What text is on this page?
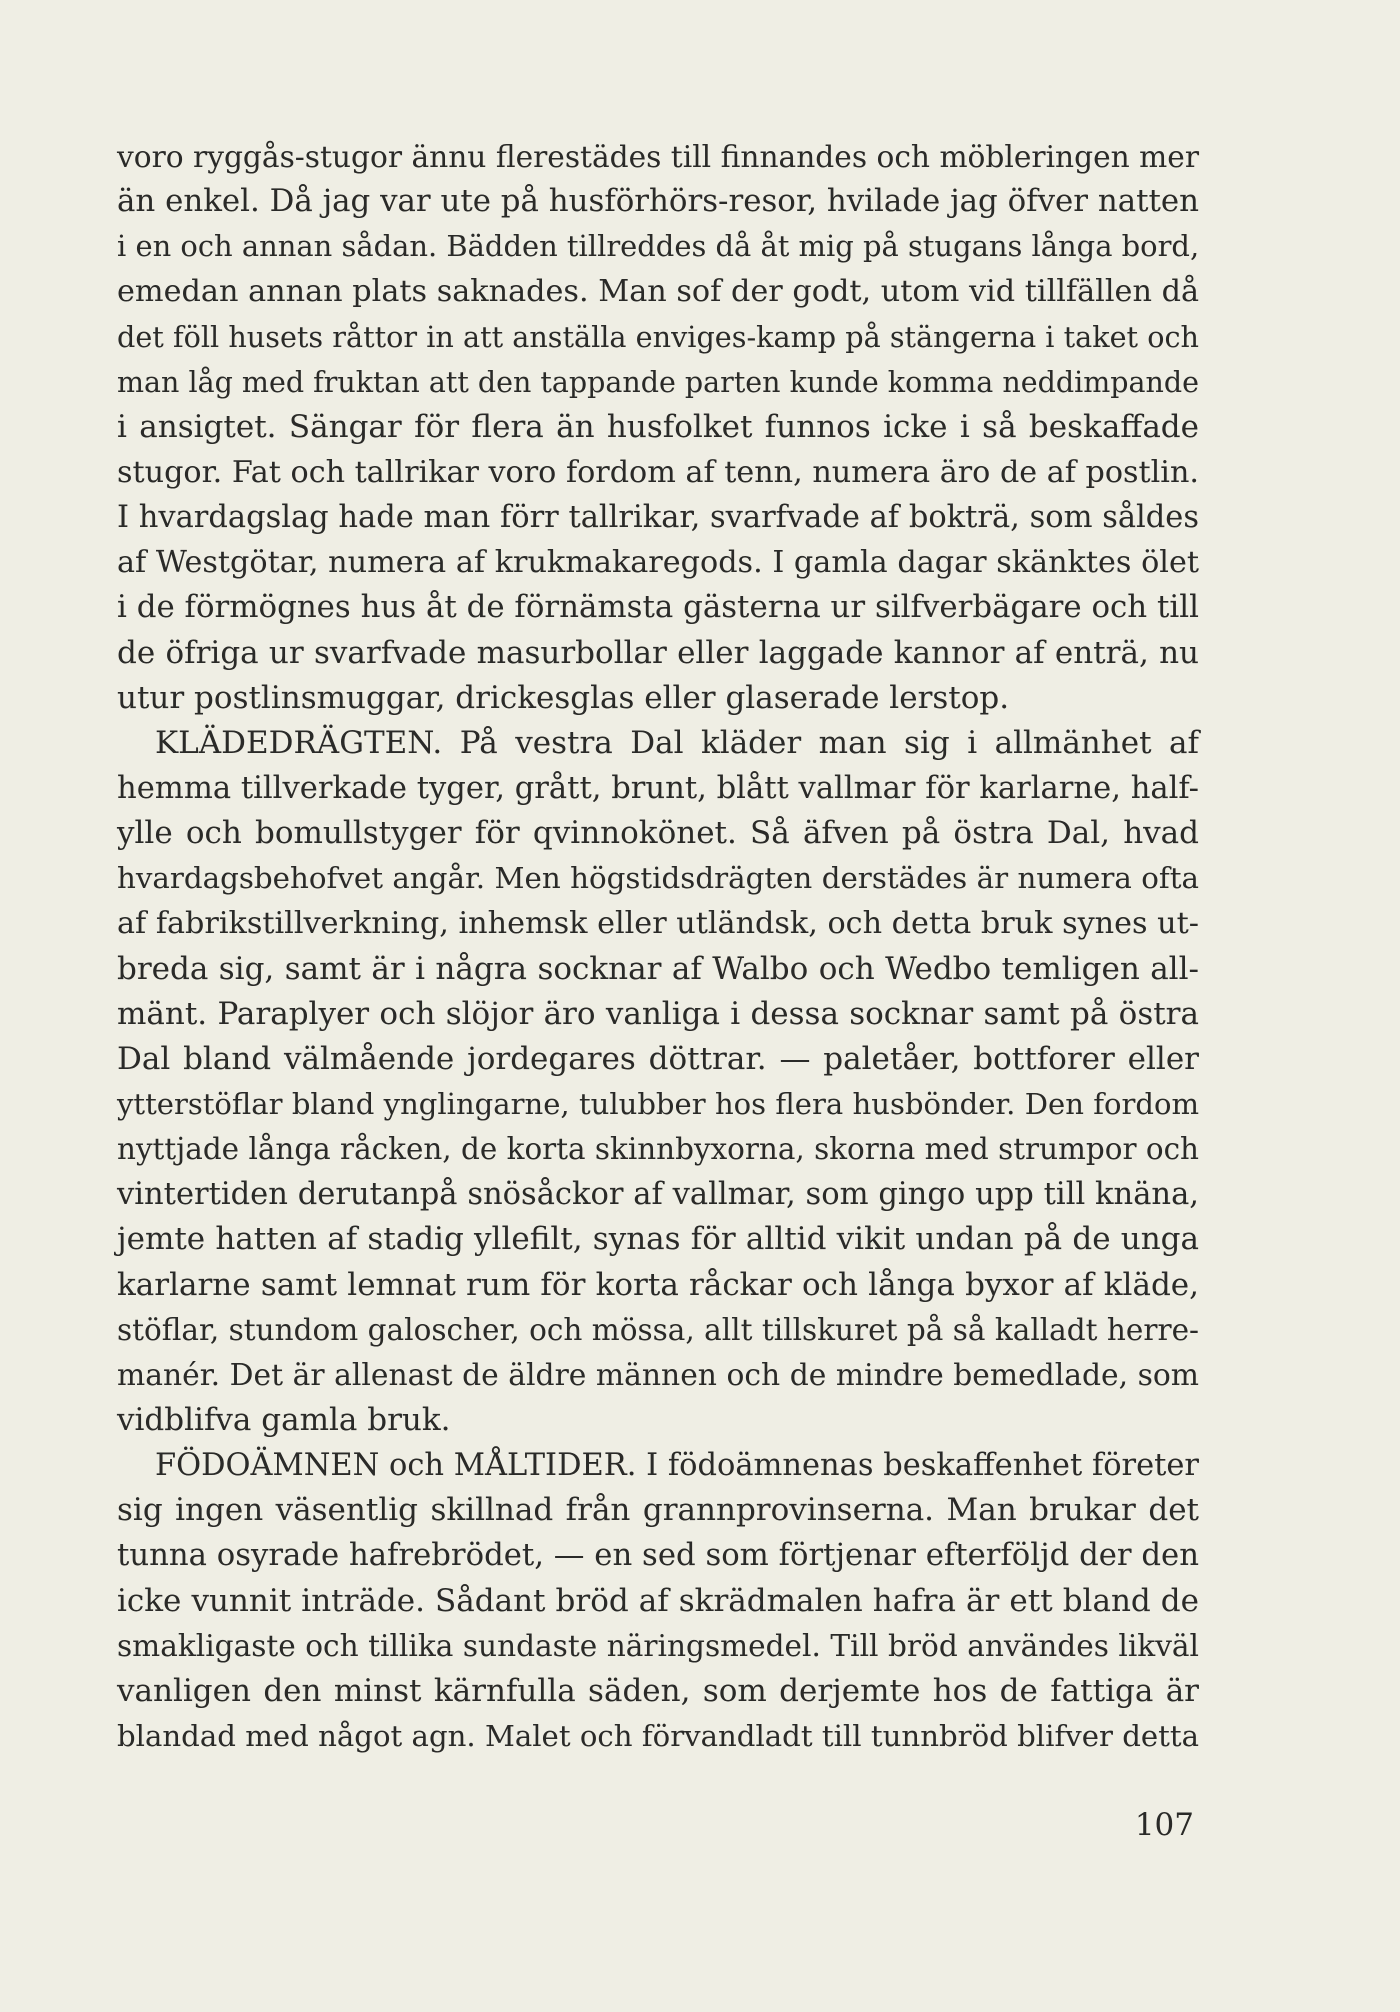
voro ryggås-stugor ännu flerestädes till finnandes och möbleringen mer
än enkel. Då jag var ute på husförhörs-resor, hvilade jag öfver natten
i en och annan sådan. Bädden tillreddes då åt mig på stugans långa bord,
emedan annan plats saknades. Man sof der godt, utom vid tillfällen då
det föll husets råttor in att anställa enviges-kamp på stängerna i taket och
man låg med fruktan att den tappande parten kunde komma neddimpande
i ansigtet. Sängar för flera än husfolket funnos icke i så beskaffade
stugor. Fat och tallrikar voro fordom af tenn, numera äro de af postlin.
I hvardagslag hade man förr tallrikar, svarfvade af bokträ, som såldes
af Westgötar, numera af krukmakaregods. I gamla dagar skänktes ölet
i de förmögnes hus åt de förnämsta gästerna ur silfverbägare och till
de öfriga ur svarfvade masurbollar eller laggade kannor af enträ, nu
utur postlinsmuggar, drickesglas eller glaserade lerstop.
KLÄDEDRÄGTEN. På vestra Dal kläder man sig i allmänhet af
hemma tillverkade tyger, grått, brunt, blått vallmar för karlarne, half-
ylle och bomullstyger för qvinnokönet. Så äfven på östra Dal, hvad
hvardagsbehofvet angår. Men högstidsdrägten derstädes är numera ofta
af fabrikstillverkning, inhemsk eller utländsk, och detta bruk synes ut-
breda sig, samt är i några socknar af Walbo och Wedbo temligen all-
mänt. Paraplyer och slöjor äro vanliga i dessa socknar samt på östra
Dal bland välmående jordegares döttrar. — paletåer, bottforer eller
ytterstöflar bland ynglingarne, tulubber hos flera husbönder. Den fordom
nyttjade långa råcken, de korta skinnbyxorna, skorna med strumpor och
vintertiden derutanpå snösåckor af vallmar, som gingo upp till knäna,
jemte hatten af stadig yllefilt, synas för alltid vikit undan på de unga
karlarne samt lemnat rum för korta råckar och långa byxor af kläde,
stöflar, stundom galoscher, och mössa, allt tillskuret på så kalladt herre-
manér. Det är allenast de äldre männen och de mindre bemedlade, som
vidblifva gamla bruk.
FÖDOÄMNEN och MÅLTIDER. I födoämnenas beskaffenhet företer
sig ingen väsentlig skillnad från grannprovinserna. Man brukar det
tunna osyrade hafrebrödet, — en sed som förtjenar efterföljd der den
icke vunnit inträde. Sådant bröd af skrädmalen hafra är ett bland de
smakligaste och tillika sundaste näringsmedel. Till bröd användes likväl
vanligen den minst kärnfulla säden, som derjemte hos de fattiga är
blandad med något agn. Malet och förvandladt till tunnbröd blifver detta
107
